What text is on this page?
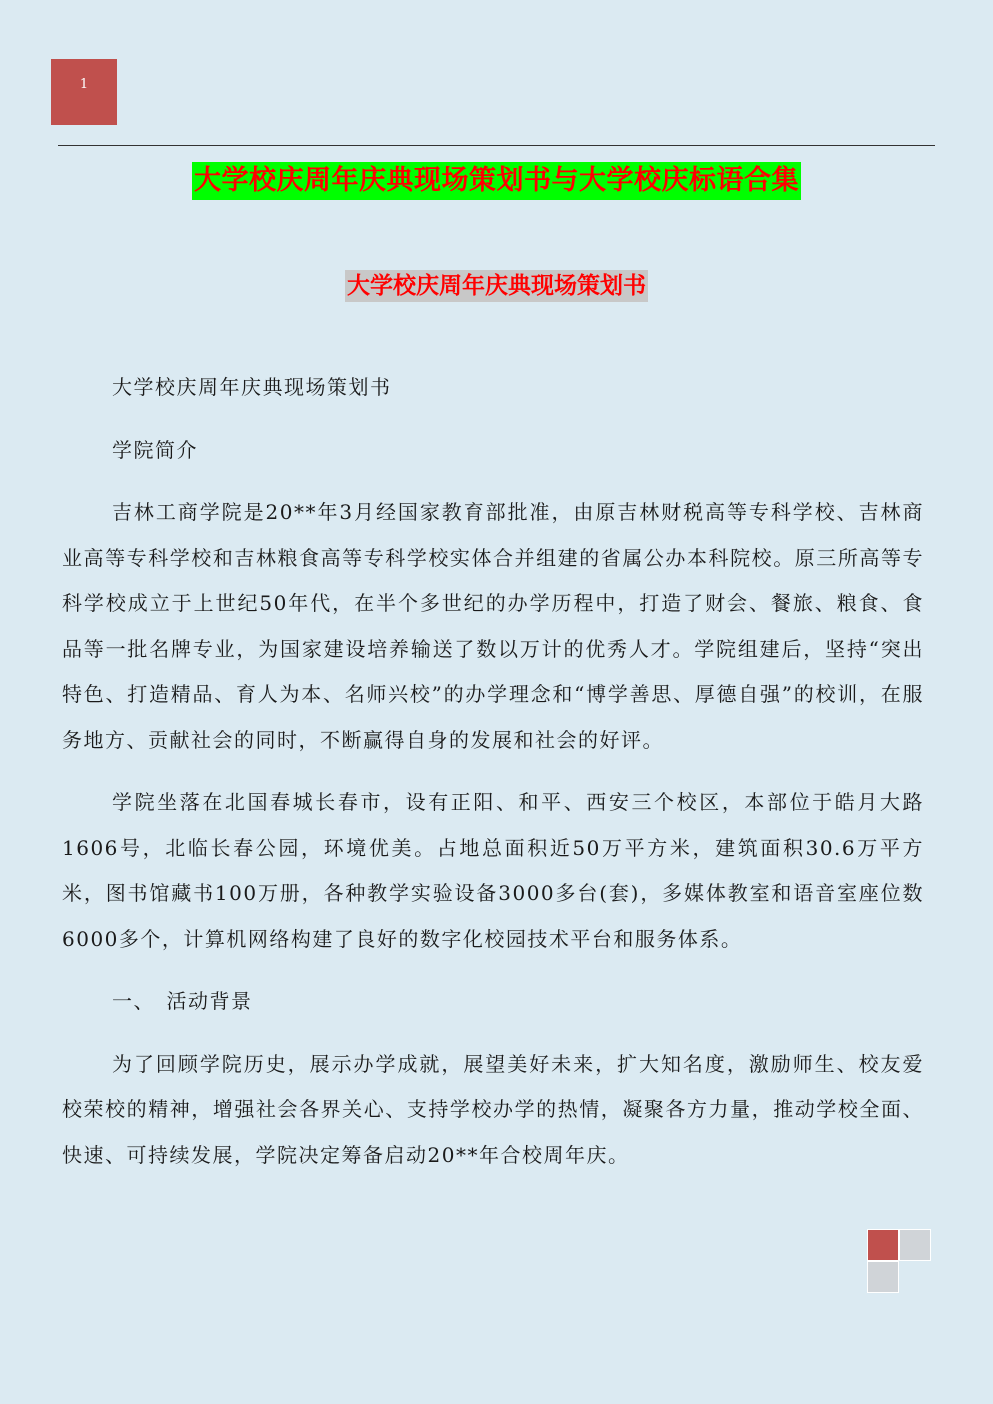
1
大学校庆周年庆典现场策划书与大学校庆标语合集
大学校庆周年庆典现场策划书

大学校庆周年庆典现场策划书

学院简介

吉林工商学院是20**年3月经国家教育部批准，由原吉林财税高等专科学校、吉林商业高等专科学校和吉林粮食高等专科学校实体合并组建的省属公办本科院校。原三所高等专科学校成立于上世纪50年代，在半个多世纪的办学历程中，打造了财会、餐旅、粮食、食品等一批名牌专业，为国家建设培养输送了数以万计的优秀人才。学院组建后，坚持“突出特色、打造精品、育人为本、名师兴校”的办学理念和“博学善思、厚德自强”的校训，在服务地方、贡献社会的同时，不断赢得自身的发展和社会的好评。

学院坐落在北国春城长春市，设有正阳、和平、西安三个校区，本部位于皓月大路1606号，北临长春公园，环境优美。占地总面积近50万平方米，建筑面积30.6万平方米，图书馆藏书100万册，各种教学实验设备3000多台(套)，多媒体教室和语音室座位数6000多个，计算机网络构建了良好的数字化校园技术平台和服务体系。

一、　活动背景

为了回顾学院历史，展示办学成就，展望美好未来，扩大知名度，激励师生、校友爱校荣校的精神，增强社会各界关心、支持学校办学的热情，凝聚各方力量，推动学校全面、快速、可持续发展，学院决定筹备启动20**年合校周年庆。
